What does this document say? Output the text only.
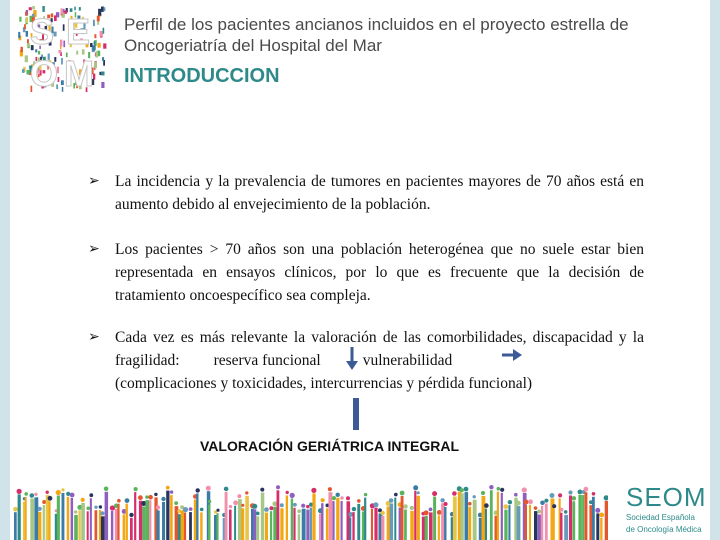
S E
O M
Perfil de los pacientes ancianos incluidos en el proyecto estrella de Oncogeriatría del Hospital del Mar
INTRODUCCION
➢ La incidencia y la prevalencia de tumores en pacientes mayores de 70 años está en aumento debido al envejecimiento de la población.
➢ Los pacientes > 70 años son una población heterogénea que no suele estar bien representada en ensayos clínicos, por lo que es frecuente que la decisión de tratamiento oncoespecífico sea compleja.
➢ Cada vez es más relevante la valoración de las comorbilidades, discapacidad y la fragilidad: reserva funcional	vulnerabilidad
(complicaciones y toxicidades, intercurrencias y pérdida funcional)
VALORACIÓN GERIÁTRICA INTEGRAL
SEOM
Sociedad Española
de Oncología Médica
